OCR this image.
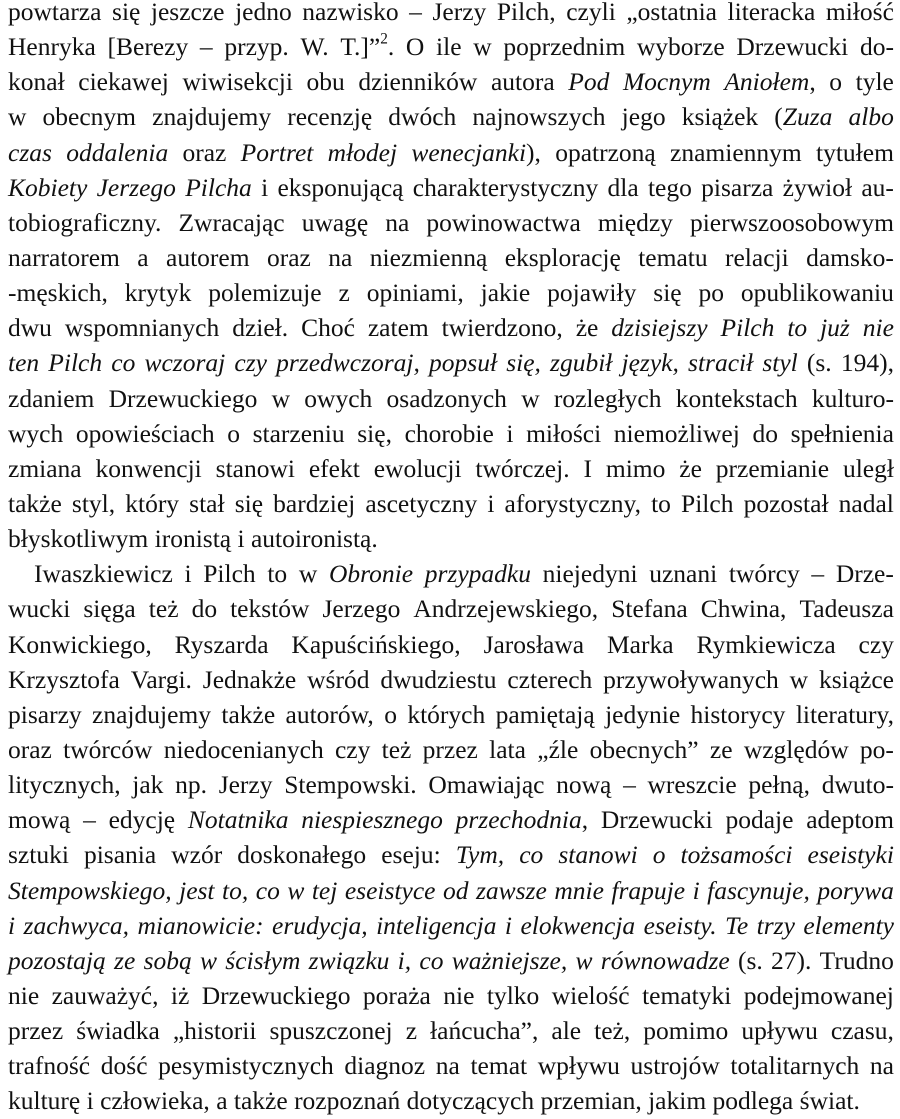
powtarza się jeszcze jedno nazwisko – Jerzy Pilch, czyli „ostatnia literacka miłość
Henryka [Berezy – przyp. W. T.]”$^2$. O ile w poprzednim wyborze Drzewucki do-
konał ciekawej wiwisekcji obu dzienników autora Pod Mocnym Aniołem, o tyle
w obecnym znajdujemy recenzję dwóch najnowszych jego książek (Zuza albo
czas oddalenia oraz Portret młodej wenecjanki), opatrzoną znamiennym tytułem
Kobiety Jerzego Pilcha i eksponującą charakterystyczny dla tego pisarza żywioł au-
tobiograficzny. Zwracając uwagę na powinowactwa między pierwszoosobowym
narratorem a autorem oraz na niezmienną eksplorację tematu relacji damsko-
-męskich, krytyk polemizuje z opiniami, jakie pojawiły się po opublikowaniu
dwu wspomnianych dzieł. Choć zatem twierdzono, że dzisiejszy Pilch to już nie
ten Pilch co wczoraj czy przedwczoraj, popsuł się, zgubił język, stracił styl (s. 194),
zdaniem Drzewuckiego w owych osadzonych w rozległych kontekstach kulturo-
wych opowieściach o starzeniu się, chorobie i miłości niemożliwej do spełnienia
zmiana konwencji stanowi efekt ewolucji twórczej. I mimo że przemianie uległ
także styl, który stał się bardziej ascetyczny i aforystyczny, to Pilch pozostał nadal
błyskotliwym
ironistą
i
autoironistą.
Iwaszkiewicz i Pilch to w Obronie przypadku niejedyni uznani twórcy – Drze-
wucki sięga też do tekstów Jerzego Andrzejewskiego, Stefana Chwina, Tadeusza
Konwickiego, Ryszarda Kapuścińskiego, Jarosława Marka Rymkiewicza czy
Krzysztofa Vargi. Jednakże wśród dwudziestu czterech przywoływanych w książce
pisarzy znajdujemy także autorów, o których pamiętają jedynie historycy literatury,
oraz twórców niedocenianych czy też przez lata „źle obecnych” ze względów po-
litycznych, jak np. Jerzy Stempowski. Omawiając nową – wreszcie pełną, dwuto-
mową – edycję Notatnika niespiesznego przechodnia, Drzewucki podaje adeptom
sztuki pisania wzór doskonałego eseju: Tym, co stanowi o tożsamości eseistyki
Stempowskiego, jest to, co w tej eseistyce od zawsze mnie frapuje i fascynuje, porywa
i zachwyca, mianowicie: erudycja, inteligencja i elokwencja eseisty. Te trzy elementy
pozostają ze sobą w ścisłym związku i, co ważniejsze, w równowadze (s. 27). Trudno
nie zauważyć, iż Drzewuckiego poraża nie tylko wielość tematyki podejmowanej
przez świadka „historii spuszczonej z łańcucha”, ale też, pomimo upływu czasu,
trafność dość pesymistycznych diagnoz na temat wpływu ustrojów totalitarnych na
kulturę
i
człowieka,
a
także
rozpoznań
dotyczących
przemian,
jakim
podlega
świat.
